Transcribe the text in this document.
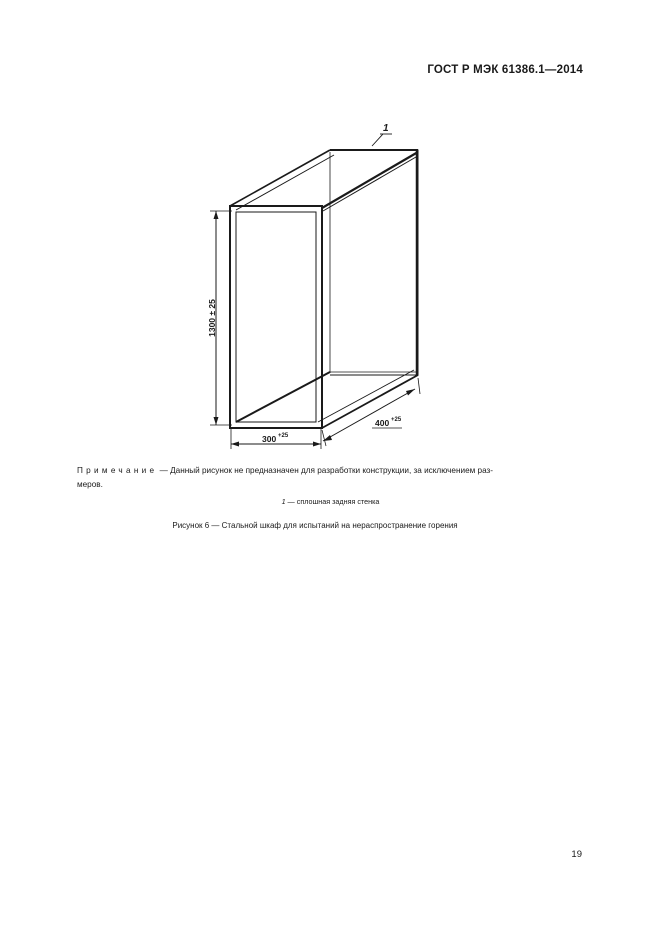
ГОСТ Р МЭК 61386.1—2014
1
1300 ± 25
300 +25
400 +25
Примечание — Данный рисунок не предназначен для разработки конструкции, за исключением раз-
меров.
1 — сплошная задняя стенка
Рисунок 6 — Стальной шкаф для испытаний на нераспространение горения
19
